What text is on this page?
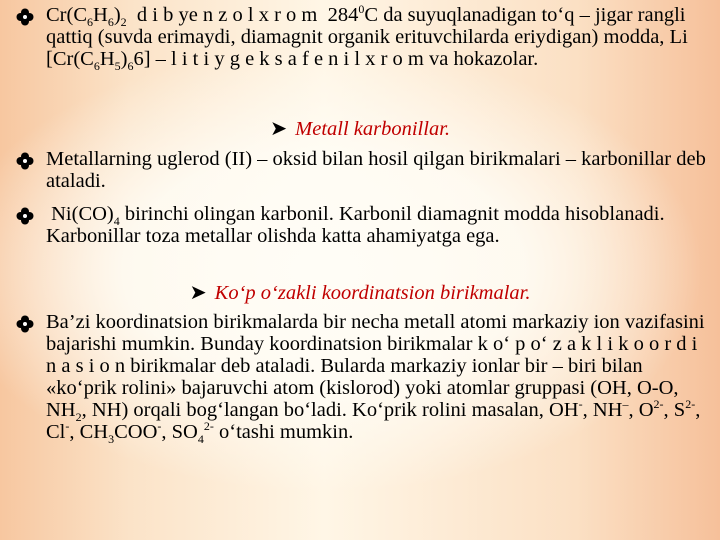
$Cr(C_6H_6)_2$  d i b ye n z o l x r o m  $284^0C$ da suyuqlanadigan to‘q – jigar rangli qattiq (suvda erimaydi, diamagnit organik erituvchilarda eriydigan) modda, Li $[Cr(C_6H_5)_66]$ – l i t i y g e k s a f e n i l x r o m va hokazolar.
➤ Metall karbonillar.
Metallarning uglerod (II) – oksid bilan hosil qilgan birikmalari – karbonillar deb ataladi.
$Ni(CO)_4$ birinchi olingan karbonil. Karbonil diamagnit modda hisoblanadi. Karbonillar toza metallar olishda katta ahamiyatga ega.
➤ Ko‘p o‘zakli koordinatsion birikmalar.
Ba’zi koordinatsion birikmalarda bir necha metall atomi markaziy ion vazifasini bajarishi mumkin. Bunday koordinatsion birikmalar k o‘ p o‘ z a k l i k o o r d i n a s i o n birikmalar deb ataladi. Bularda markaziy ionlar bir – biri bilan «ko‘prik rolini» bajaruvchi atom (kislorod) yoki atomlar gruppasi (OH, O-O, $NH_2$, NH) orqali bog‘langan bo‘ladi. Ko‘prik rolini masalan, OH-, NH–, $O^{2-}$, $S^{2-}$, Cl-, $CH_3COO^-$, $SO_4^{2-}$ o‘tashi mumkin.
